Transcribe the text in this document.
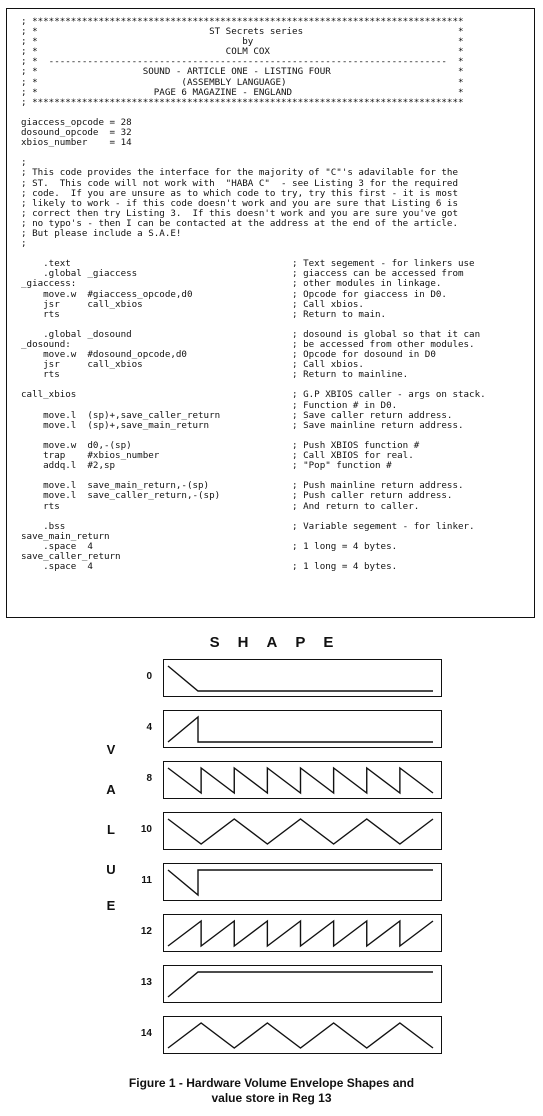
; ******************************************************************************
; *                               ST Secrets series                            *
; *                                     by                                     *
; *                                  COLM COX                                  *
; *  ------------------------------------------------------------------------  *
; *                   SOUND - ARTICLE ONE - LISTING FOUR                       *
; *                          (ASSEMBLY LANGUAGE)                               *
; *                     PAGE 6 MAGAZINE - ENGLAND                              *
; ******************************************************************************
giaccess_opcode = 28
dosound_opcode  = 32
xbios_number    = 14
;
; This code provides the interface for the majority of "C"'s adavilable for the
; ST.  This code will not work with  "HABA C"  - see Listing 3 for the required
; code.  If you are unsure as to which code to try, try this first - it is most
; likely to work - if this code doesn't work and you are sure that Listing 6 is
; correct then try Listing 3.  If this doesn't work and you are sure you've got
; no typo's - then I can be contacted at the address at the end of the article.
; But please include a S.A.E!
;
.text                                        ; Text segement - for linkers use
.global _giaccess                            ; giaccess can be accessed from
_giaccess:                                       ; other modules in linkage.
move.w  #giaccess_opcode,d0                  ; Opcode for giaccess in D0.
jsr     call_xbios                           ; Call xbios.
rts                                          ; Return to main.
.global _dosound                             ; dosound is global so that it can
_dosound:                                        ; be accessed from other modules.
move.w  #dosound_opcode,d0                   ; Opcode for dosound in D0
jsr     call_xbios                           ; Call xbios.
rts                                          ; Return to mainline.
call_xbios                                       ; G.P XBIOS caller - args on stack.
; Function # in D0.
move.l  (sp)+,save_caller_return             ; Save caller return address.
move.l  (sp)+,save_main_return               ; Save mainline return address.
move.w  d0,-(sp)                             ; Push XBIOS function #
trap    #xbios_number                        ; Call XBIOS for real.
addq.l  #2,sp                                ; "Pop" function #
move.l  save_main_return,-(sp)               ; Push mainline return address.
move.l  save_caller_return,-(sp)             ; Push caller return address.
rts                                          ; And return to caller.
.bss                                         ; Variable segement - for linker.
save_main_return
.space  4                                    ; 1 long = 4 bytes.
save_caller_return
.space  4                                    ; 1 long = 4 bytes.
S H A P E
V
A
L
U
E
0
4
8
10
11
12
13
14
Figure 1 - Hardware Volume Envelope Shapes and
value store in Reg 13
